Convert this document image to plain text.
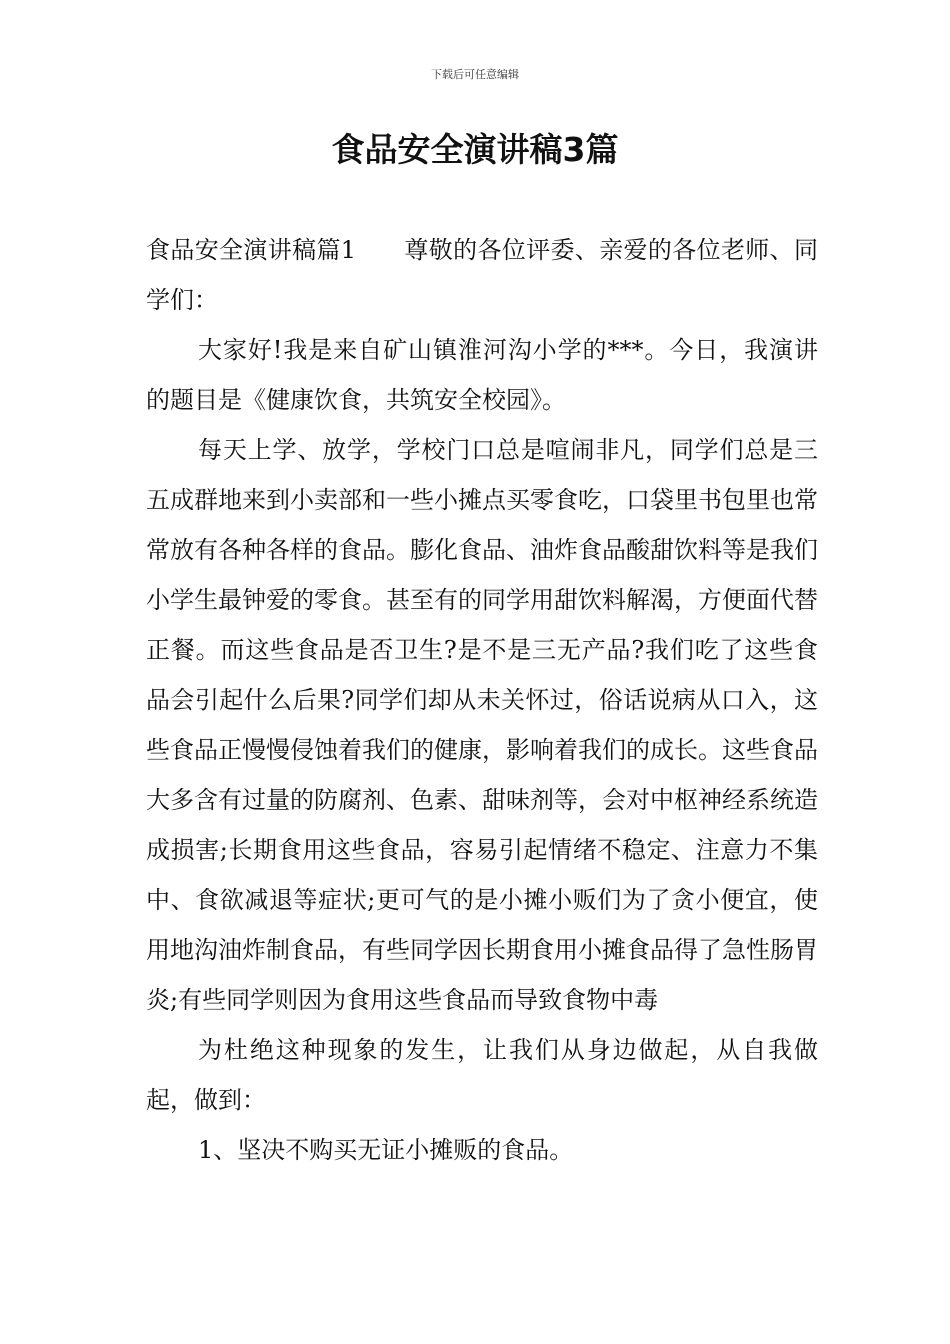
下载后可任意编辑
食品安全演讲稿3篇

食品安全演讲稿篇1 尊敬的各位评委、亲爱的各位老师、同学们：

大家好!我是来自矿山镇淮河沟小学的***。今日，我演讲的题目是《健康饮食，共筑安全校园》。

每天上学、放学，学校门口总是喧闹非凡，同学们总是三五成群地来到小卖部和一些小摊点买零食吃，口袋里书包里也常常放有各种各样的食品。膨化食品、油炸食品酸甜饮料等是我们小学生最钟爱的零食。甚至有的同学用甜饮料解渴，方便面代替正餐。而这些食品是否卫生?是不是三无产品?我们吃了这些食品会引起什么后果?同学们却从未关怀过，俗话说病从口入，这些食品正慢慢侵蚀着我们的健康，影响着我们的成长。这些食品大多含有过量的防腐剂、色素、甜味剂等，会对中枢神经系统造成损害;长期食用这些食品，容易引起情绪不稳定、注意力不集中、食欲减退等症状;更可气的是小摊小贩们为了贪小便宜，使用地沟油炸制食品，有些同学因长期食用小摊食品得了急性肠胃炎;有些同学则因为食用这些食品而导致食物中毒

为杜绝这种现象的发生，让我们从身边做起，从自我做起，做到：

1、坚决不购买无证小摊贩的食品。
